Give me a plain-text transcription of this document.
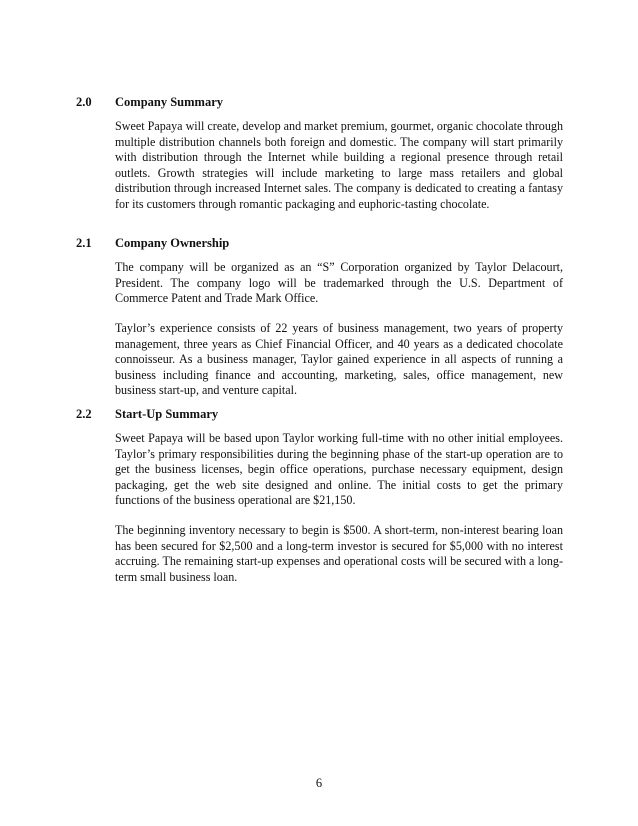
2.0 Company Summary

Sweet Papaya will create, develop and market premium, gourmet, organic chocolate through multiple distribution channels both foreign and domestic. The company will start primarily with distribution through the Internet while building a regional presence through retail outlets. Growth strategies will include marketing to large mass retailers and global distribution through increased Internet sales. The company is dedicated to creating a fantasy for its customers through romantic packaging and euphoric-tasting chocolate.

2.1 Company Ownership

The company will be organized as an “S” Corporation organized by Taylor Delacourt, President. The company logo will be trademarked through the U.S. Department of Commerce Patent and Trade Mark Office.

Taylor’s experience consists of 22 years of business management, two years of property management, three years as Chief Financial Officer, and 40 years as a dedicated chocolate connoisseur. As a business manager, Taylor gained experience in all aspects of running a business including finance and accounting, marketing, sales, office management, new business start-up, and venture capital.

2.2 Start-Up Summary

Sweet Papaya will be based upon Taylor working full-time with no other initial employees. Taylor’s primary responsibilities during the beginning phase of the start-up operation are to get the business licenses, begin office operations, purchase necessary equipment, design packaging, get the web site designed and online. The initial costs to get the primary functions of the business operational are $21,150.

The beginning inventory necessary to begin is $500. A short-term, non-interest bearing loan has been secured for $2,500 and a long-term investor is secured for $5,000 with no interest accruing. The remaining start-up expenses and operational costs will be secured with a long-term small business loan.

6
